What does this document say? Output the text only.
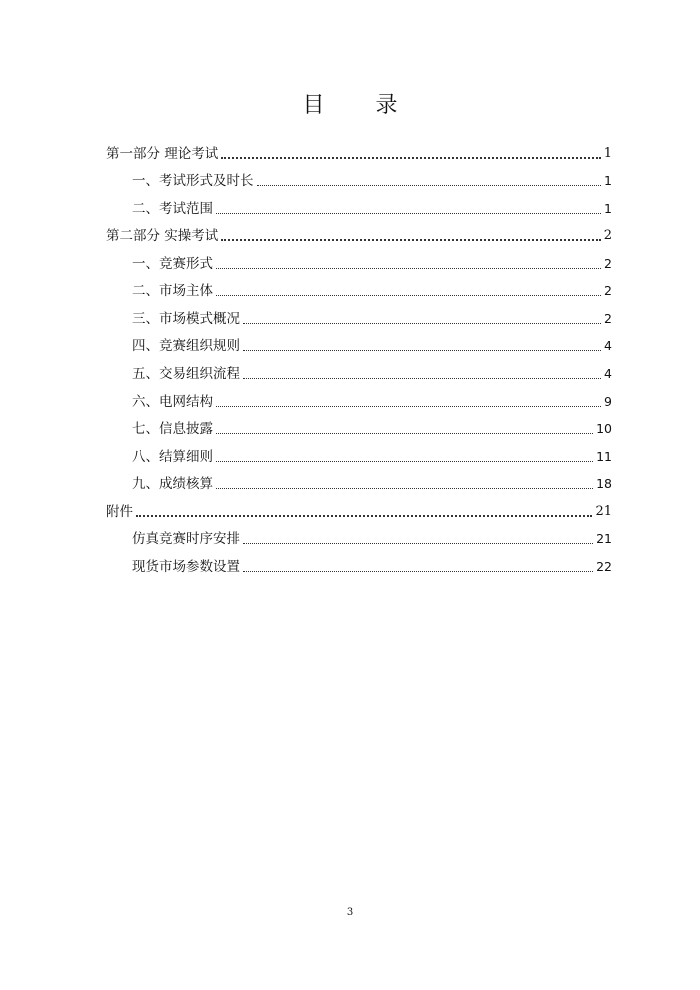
目 录
第一部分 理论考试	1
一、考试形式及时长	1
二、考试范围	1
第二部分 实操考试	2
一、竞赛形式	2
二、市场主体	2
三、市场模式概况	2
四、竞赛组织规则	4
五、交易组织流程	4
六、电网结构	9
七、信息披露	10
八、结算细则	11
九、成绩核算	18
附件	21
仿真竞赛时序安排	21
现货市场参数设置	22
3
